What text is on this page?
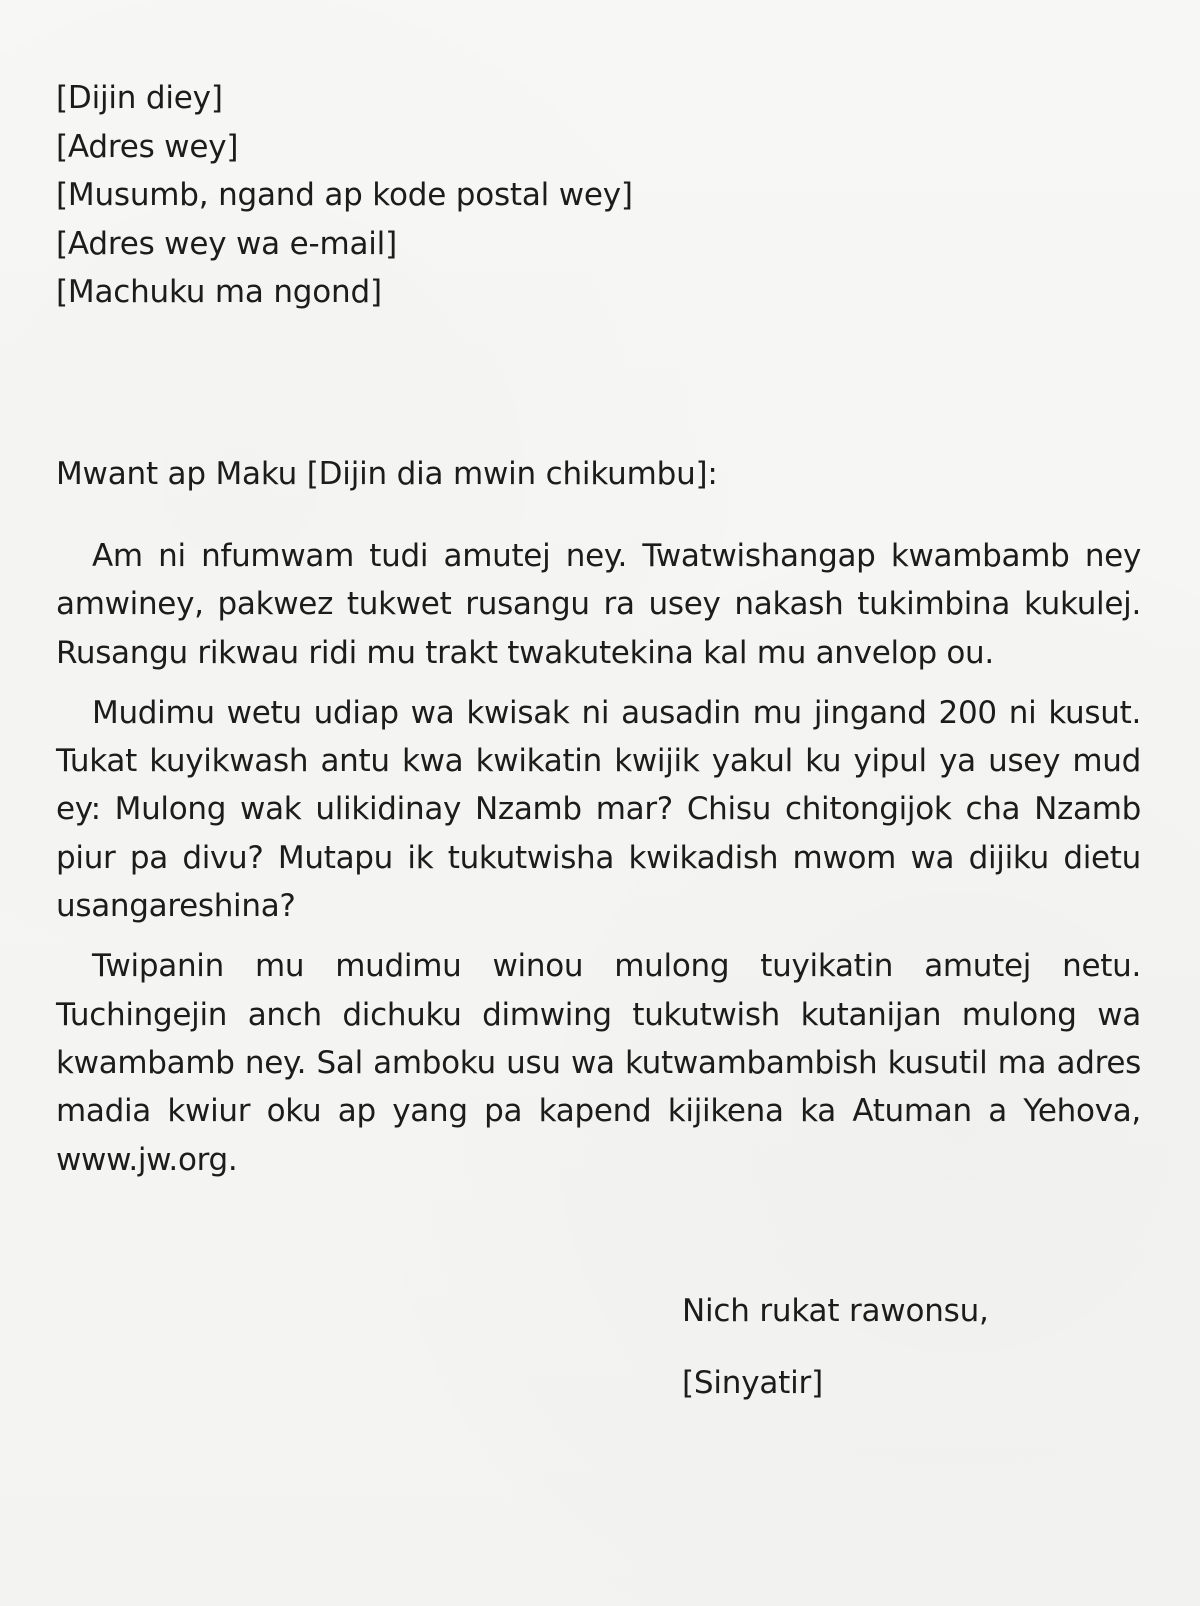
[Dijin diey]
[Adres wey]
[Musumb, ngand ap kode postal wey]
[Adres wey wa e-mail]
[Machuku ma ngond]
Mwant ap Maku [Dijin dia mwin chikumbu]:

Am ni nfumwam tudi amutej ney. Twatwishangap kwambamb ney amwiney, pakwez tukwet rusangu ra usey nakash tukimbina kukulej. Rusangu rikwau ridi mu trakt twakutekina kal mu anvelop ou.

Mudimu wetu udiap wa kwisak ni ausadin mu jingand 200 ni kusut. Tukat kuyikwash antu kwa kwikatin kwijik yakul ku yipul ya usey mud ey: Mulong wak ulikidinay Nzamb mar? Chisu chitongijok cha Nzamb piur pa divu? Mutapu ik tukutwisha kwikadish mwom wa dijiku dietu usangareshina?

Twipanin mu mudimu winou mulong tuyikatin amutej netu. Tuchingejin anch dichuku dimwing tukutwish kutanijan mulong wa kwambamb ney. Sal amboku usu wa kutwambambish kusutil ma adres madia kwiur oku ap yang pa kapend kijikena ka Atuman a Yehova, www.jw.org.

Nich rukat rawonsu,
[Sinyatir]
